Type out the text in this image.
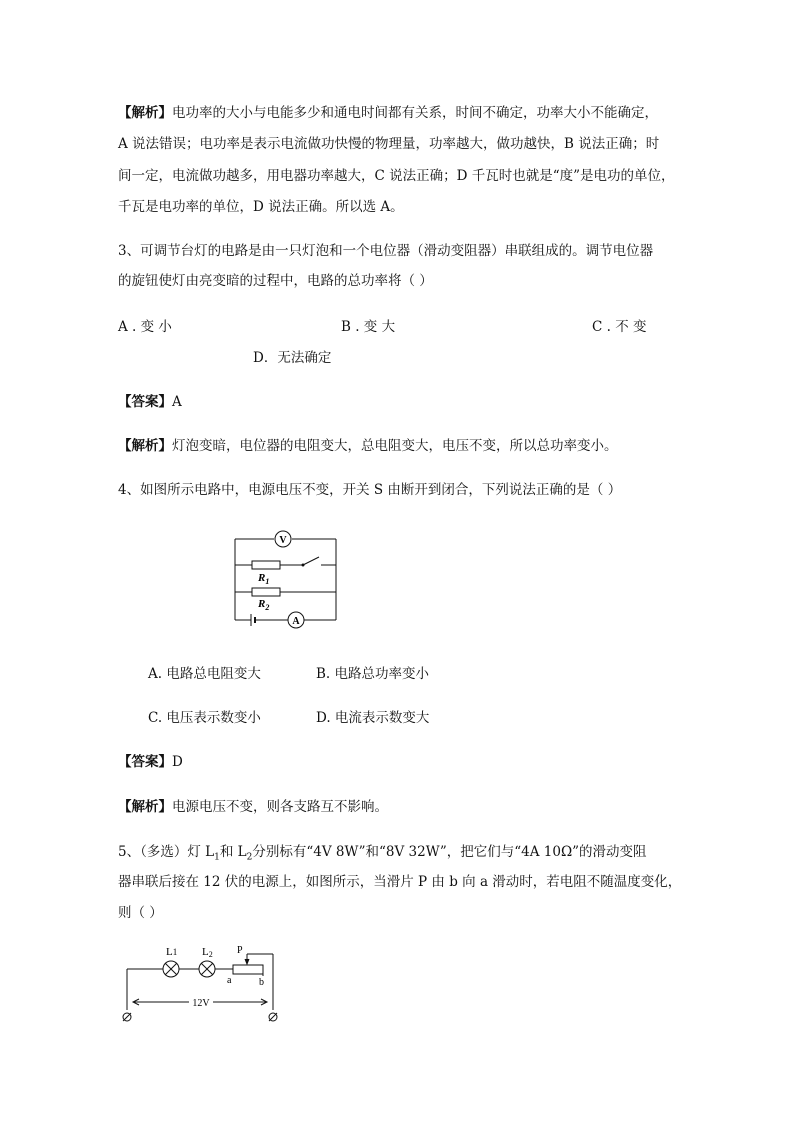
【解析】电功率的大小与电能多少和通电时间都有关系，时间不确定，功率大小不能确定，
A 说法错误；电功率是表示电流做功快慢的物理量，功率越大，做功越快，B 说法正确；时
间一定，电流做功越多，用电器功率越大，C 说法正确；D 千瓦时也就是“度”是电功的单位，
千瓦是电功率的单位，D 说法正确。所以选 A。
3、可调节台灯的电路是由一只灯泡和一个电位器（滑动变阻器）串联组成的。调节电位器
的旋钮使灯由亮变暗的过程中，电路的总功率将（ ）
A . 变 小	B . 变 大	C . 不 变
D．无法确定
【答案】A
【解析】灯泡变暗，电位器的电阻变大，总电阻变大，电压不变，所以总功率变小。
4、如图所示电路中，电源电压不变，开关 S 由断开到闭合，下列说法正确的是（ ）
V
A
$R_1$
$R_2$
A. 电路总电阻变大	B. 电路总功率变小
C. 电压表示数变小	D. 电流表示数变大
【答案】D
【解析】电源电压不变，则各支路互不影响。
5、（多选）灯 $L_1$和 $L_2$分别标有“4V 8W”和“8V 32W”，把它们与“4A 10Ω”的滑动变阻
器串联后接在 12 伏的电源上，如图所示，当滑片 P 由 b 向 a 滑动时，若电阻不随温度变化，
则（ ）
L1 L2 P
a	b
12V
